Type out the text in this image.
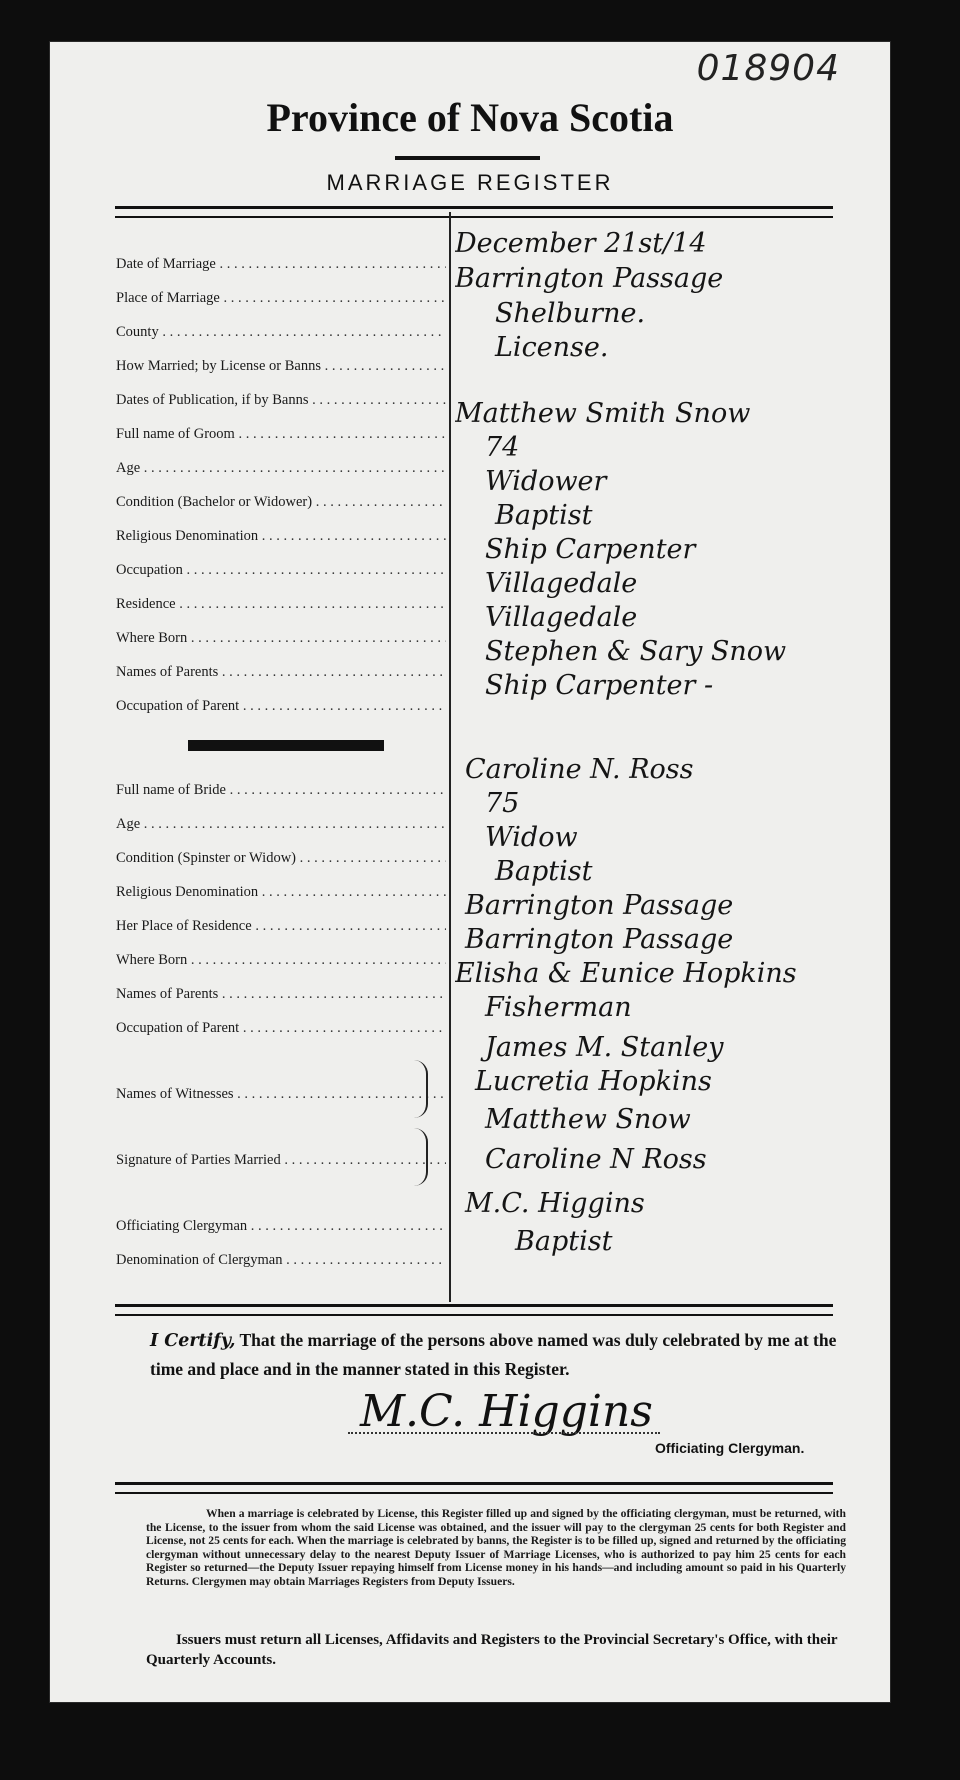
018904
Province of Nova Scotia
MARRIAGE REGISTER
Date of Marriage . . .
December 21st/14
Place of Marriage . . .
Barrington Passage
County . . .
Shelburne.
How Married; by License or Banns . . .
License.
Dates of Publication, if by Banns . . .
Full name of Groom . . .
Matthew Smith Snow
Age . . .
74
Condition (Bachelor or Widower) . . .
Widower
Religious Denomination . . .
Baptist
Occupation . . .
Ship Carpenter
Residence . . .
Villagedale
Where Born . . .
Villagedale
Names of Parents . . .
Stephen & Sary Snow
Occupation of Parent . . .
Ship Carpenter -
Full name of Bride . . .
Caroline N. Ross
Age . . .
75
Condition (Spinster or Widow) . . .
Widow
Religious Denomination . . .
Baptist
Her Place of Residence . . .
Barrington Passage
Where Born . . .
Barrington Passage
Names of Parents . . .
Elisha & Eunice Hopkins
Occupation of Parent . . .
Fisherman
Names of Witnesses . . .
James M. Stanley
Lucretia Hopkins
Signature of Parties Married . . .
Matthew Snow
Caroline N Ross
Officiating Clergyman . . .
M.C. Higgins
Denomination of Clergyman . . .
Baptist
I Certify, That the marriage of the persons above named was duly celebrated by me at the time and place and in the manner stated in this Register.
M.C. Higgins
Officiating Clergyman.
When a marriage is celebrated by License, this Register filled up and signed by the officiating clergyman, must be returned, with the License, to the issuer from whom the said License was obtained, and the issuer will pay to the clergyman 25 cents for both Register and License, not 25 cents for each. When the marriage is celebrated by banns, the Register is to be filled up, signed and returned by the officiating clergyman without unnecessary delay to the nearest Deputy Issuer of Marriage Licenses, who is authorized to pay him 25 cents for each Register so returned—the Deputy Issuer repaying himself from License money in his hands—and including amount so paid in his Quarterly Returns. Clergymen may obtain Marriages Registers from Deputy Issuers.
Issuers must return all Licenses, Affidavits and Registers to the Provincial Secretary's Office, with their Quarterly Accounts.
